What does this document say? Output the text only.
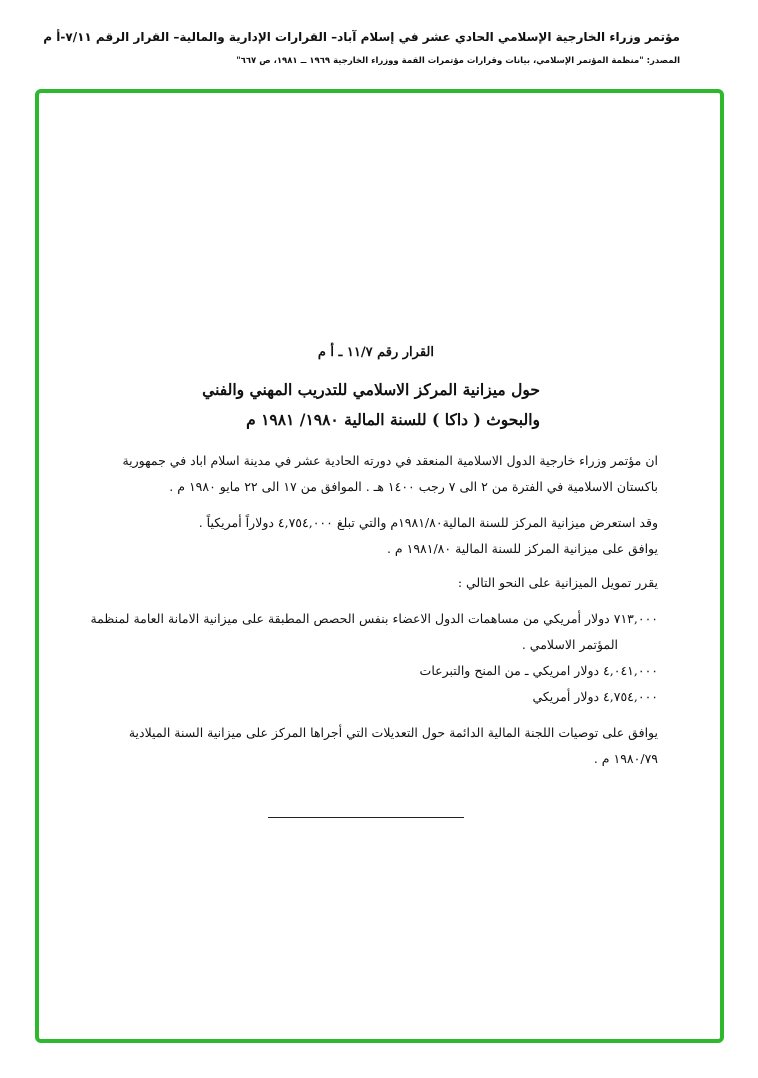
مؤتمر وزراء الخارجية الإسلامي الحادي عشر في إسلام آباد– القرارات الإدارية والمالية– القرار الرقم ٧/١١-أ م
المصدر: "منظمة المؤتمر الإسلامي، بيانات وقرارات مؤتمرات القمة ووزراء الخارجية ١٩٦٩ ــ ١٩٨١، ص ٦٦٧"
القرار رقم ١١/٧ ـ أ م
حول ميزانية المركز الاسلامي للتدريب المهني والفني
والبحوث ( داكا ) للسنة المالية ١٩٨٠/ ١٩٨١ م
ان مؤتمر وزراء خارجية الدول الاسلامية المنعقد في دورته الحادية عشر في مدينة اسلام اباد في جمهورية
باكستان الاسلامية في الفترة من ٢ الى ٧ رجب ١٤٠٠ هـ . الموافق من ١٧ الى ٢٢ مايو ١٩٨٠ م .
وقد استعرض ميزانية المركز للسنة المالية١٩٨١/٨٠م والتي تبلغ ٤,٧٥٤,٠٠٠ دولاراً أمريكياً .
يوافق على ميزانية المركز للسنة المالية ١٩٨١/٨٠ م .
يقرر تمويل الميزانية على النحو التالي :
٧١٣,٠٠٠ دولار أمريكي من مساهمات الدول الاعضاء بنفس الحصص المطبقة على ميزانية الامانة العامة لمنظمة
المؤتمر الاسلامي .
٤,٠٤١,٠٠٠ دولار امريكي ـ من المنح والتبرعات
٤,٧٥٤,٠٠٠ دولار أمريكي
يوافق على توصيات اللجنة المالية الدائمة حول التعديلات التي أجراها المركز على ميزانية السنة الميلادية
١٩٨٠/٧٩ م .
